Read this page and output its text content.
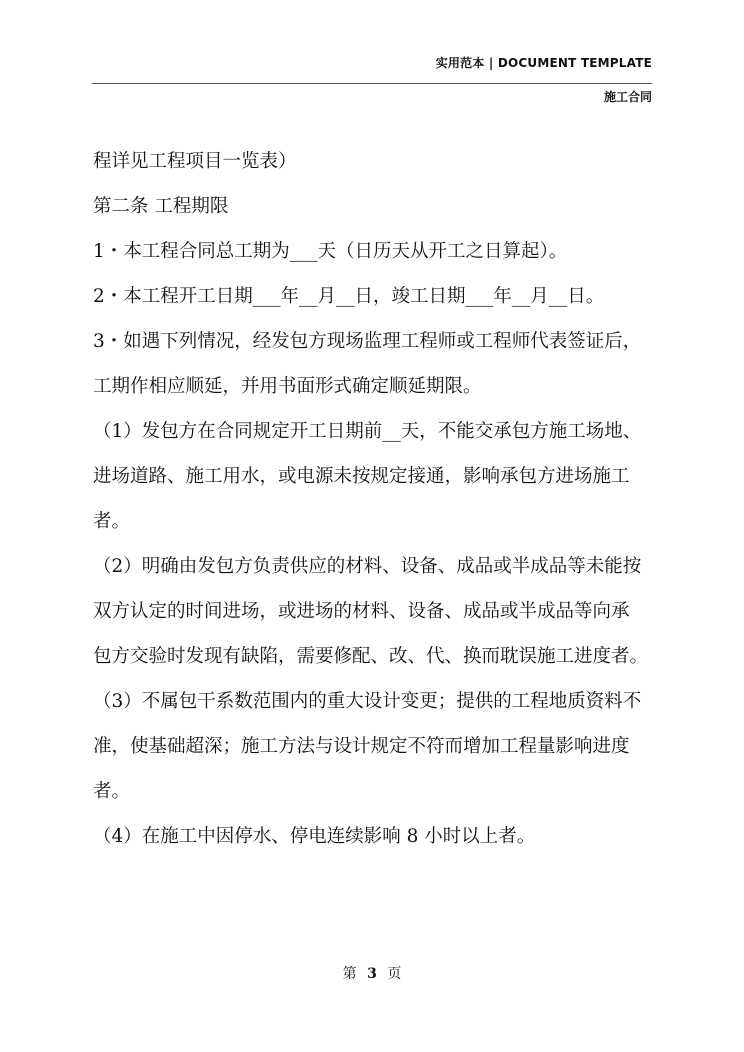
实用范本 | DOCUMENT TEMPLATE
施工合同

程详见工程项目一览表）

第二条 工程期限

1・本工程合同总工期为___天（日历天从开工之日算起）。

2・本工程开工日期___年__月__日，竣工日期___年__月__日。

3・如遇下列情况，经发包方现场监理工程师或工程师代表签证后，

工期作相应顺延，并用书面形式确定顺延期限。

（1）发包方在合同规定开工日期前__天，不能交承包方施工场地、

进场道路、施工用水，或电源未按规定接通，影响承包方进场施工

者。

（2）明确由发包方负责供应的材料、设备、成品或半成品等未能按

双方认定的时间进场，或进场的材料、设备、成品或半成品等向承

包方交验时发现有缺陷，需要修配、改、代、换而耽误施工进度者。

（3）不属包干系数范围内的重大设计变更；提供的工程地质资料不

准，使基础超深；施工方法与设计规定不符而增加工程量影响进度

者。

（4）在施工中因停水、停电连续影响 8 小时以上者。

第 3 页
